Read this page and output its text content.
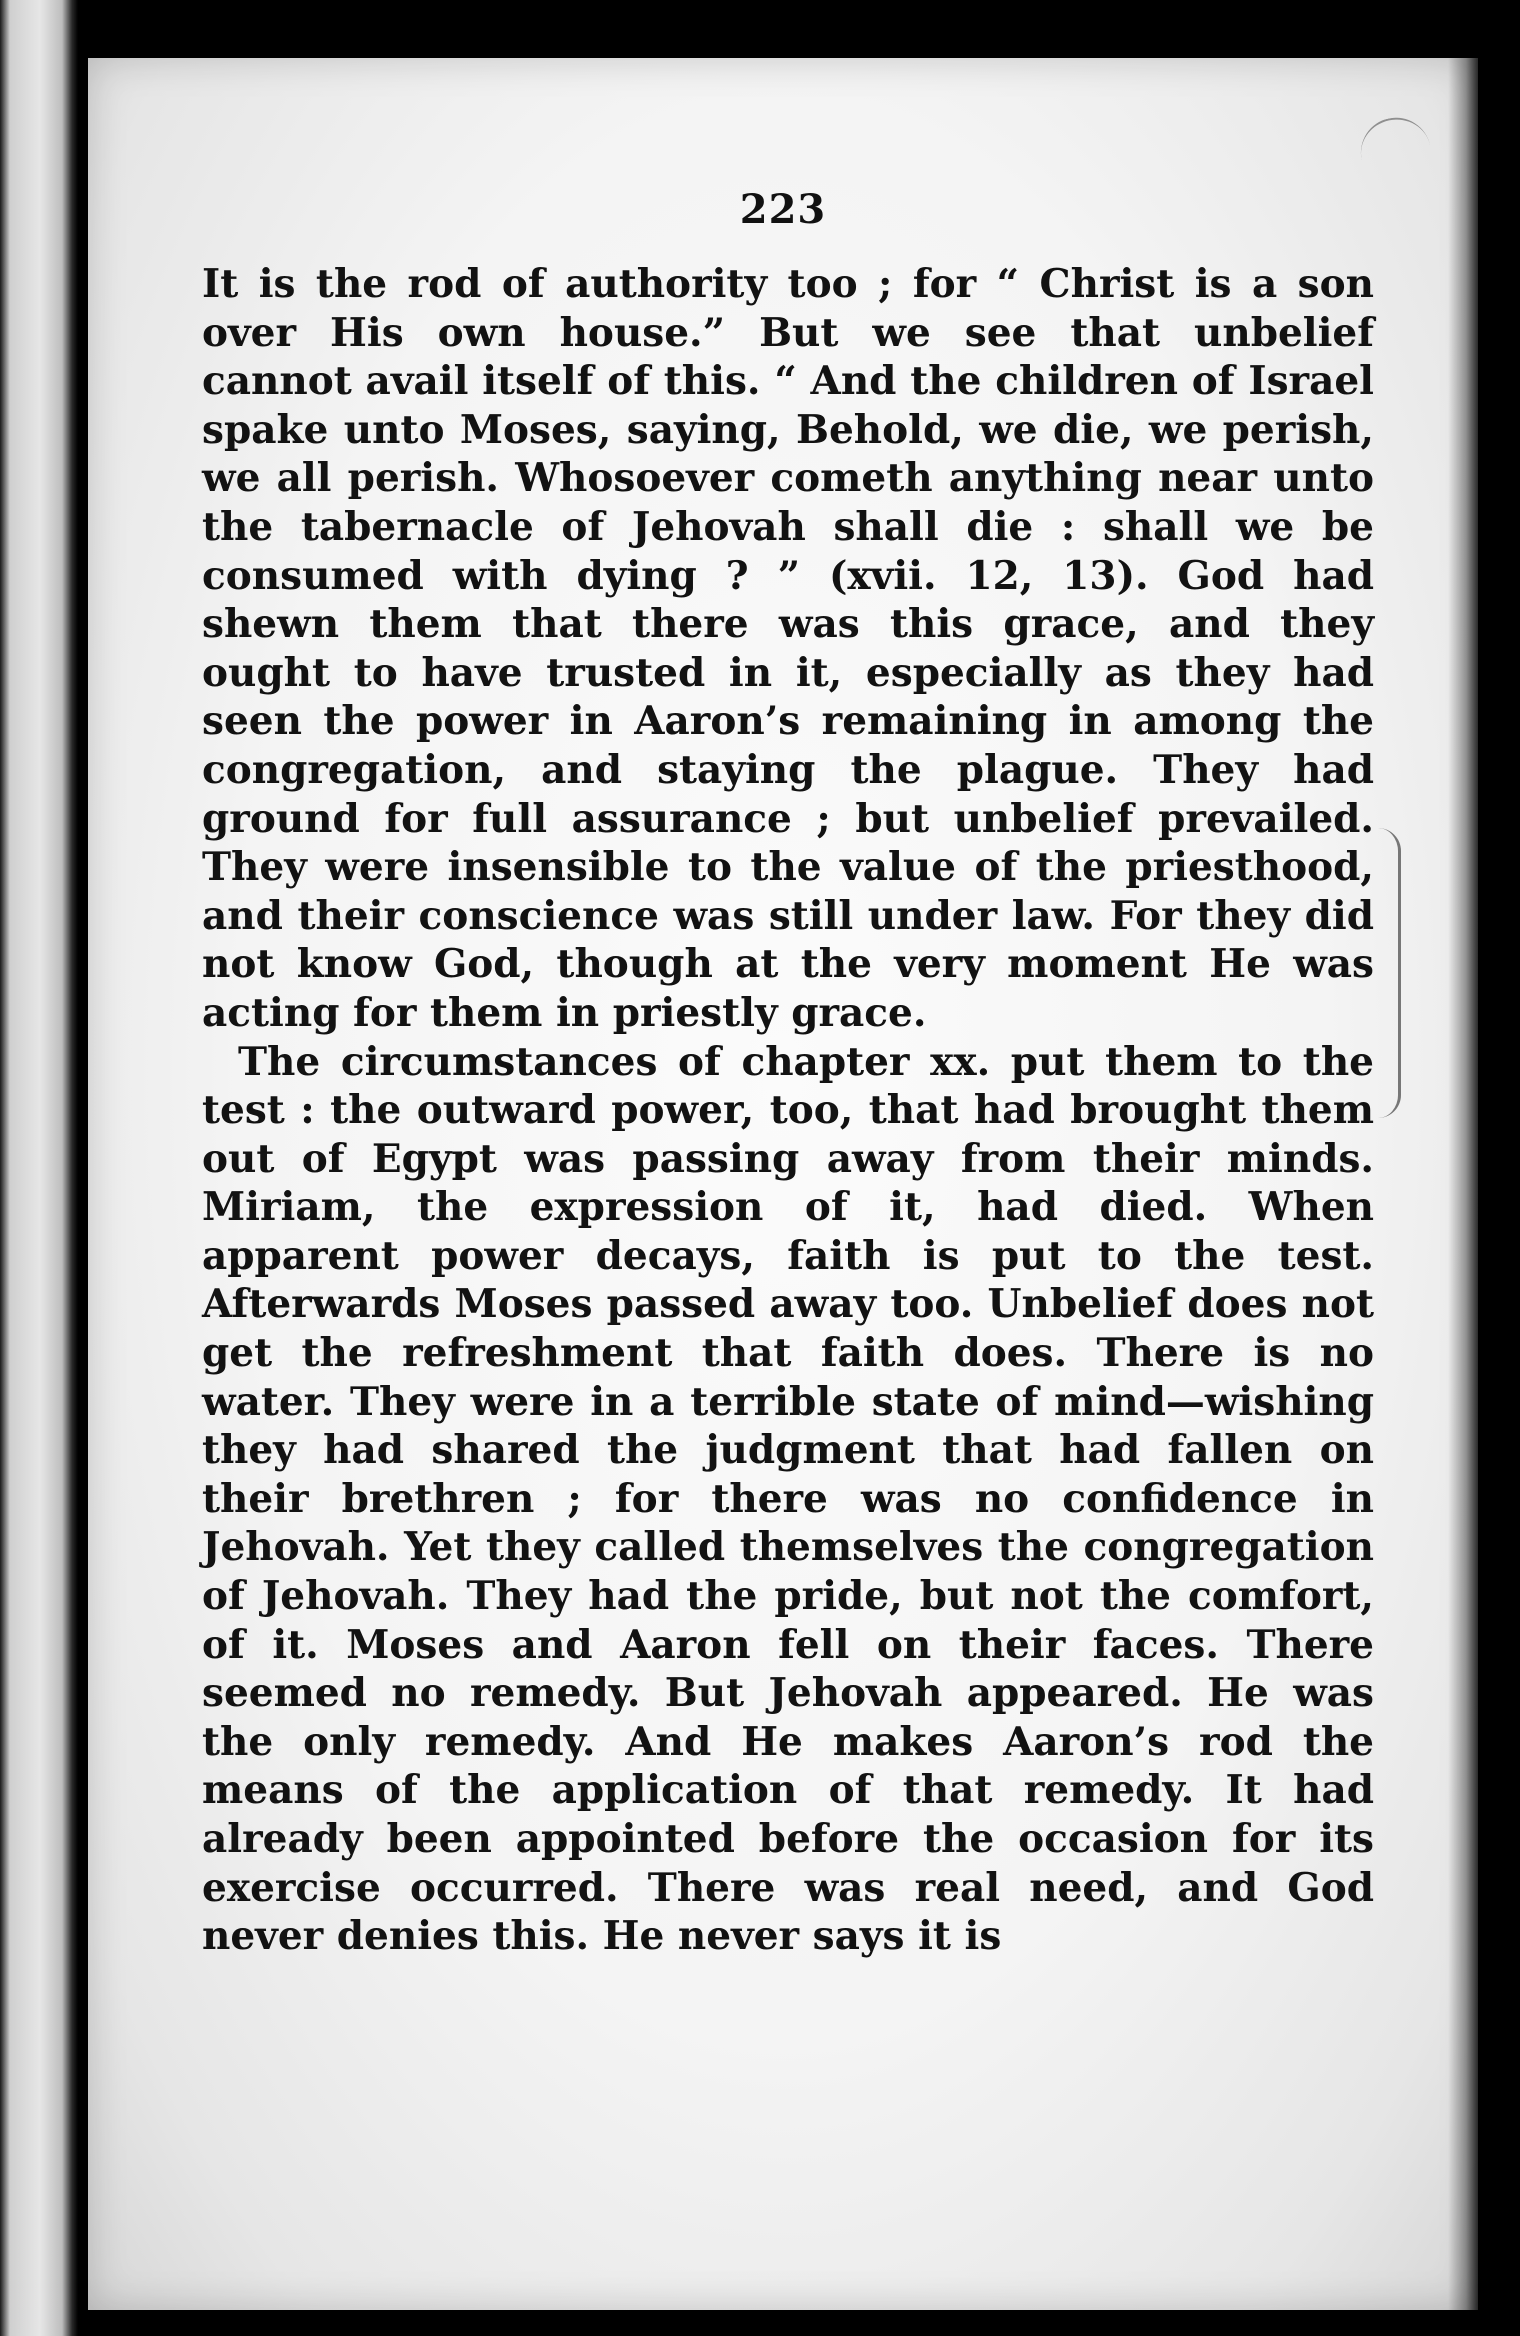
223

It is the rod of authority too ; for “ Christ is a son over His own house.” But we see that unbelief cannot avail itself of this. “ And the children of Israel spake unto Moses, saying, Behold, we die, we perish, we all perish. Whosoever cometh anything near unto the tabernacle of Jehovah shall die : shall we be consumed with dying ? ” (xvii. 12, 13). God had shewn them that there was this grace, and they ought to have trusted in it, especially as they had seen the power in Aaron’s remaining in among the congregation, and staying the plague. They had ground for full assurance ; but unbelief prevailed. They were insensible to the value of the priesthood, and their conscience was still under law. For they did not know God, though at the very moment He was acting for them in priestly grace.

The circumstances of chapter xx. put them to the test : the outward power, too, that had brought them out of Egypt was passing away from their minds. Miriam, the expression of it, had died. When apparent power decays, faith is put to the test. Afterwards Moses passed away too. Unbelief does not get the refreshment that faith does. There is no water. They were in a terrible state of mind—wishing they had shared the judgment that had fallen on their brethren ; for there was no confidence in Jehovah. Yet they called themselves the congregation of Jehovah. They had the pride, but not the comfort, of it. Moses and Aaron fell on their faces. There seemed no remedy. But Jehovah appeared. He was the only remedy. And He makes Aaron’s rod the means of the application of that remedy. It had already been appointed before the occasion for its exercise occurred. There was real need, and God never denies this. He never says it is
